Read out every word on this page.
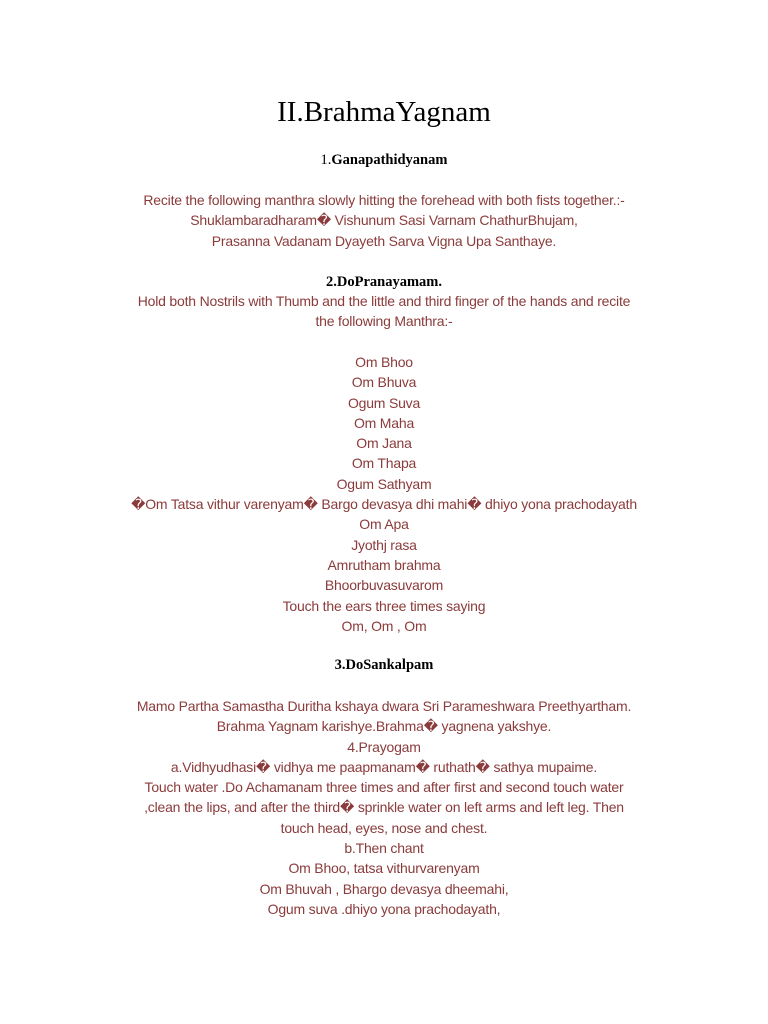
II.BrahmaYagnam
1.Ganapathidyanam
Recite the following manthra slowly hitting the forehead with both fists together.:-
Shuklambaradharam� Vishunum Sasi Varnam ChathurBhujam,
Prasanna Vadanam Dyayeth Sarva Vigna Upa Santhaye.
2.DoPranayamam.
Hold both Nostrils with Thumb and the little and third finger of the hands and recite
the following Manthra:-
Om Bhoo
Om Bhuva
Ogum Suva
Om Maha
Om Jana
Om Thapa
Ogum Sathyam
�Om Tatsa vithur varenyam� Bargo devasya dhi mahi� dhiyo yona prachodayath
Om Apa
Jyothj rasa
Amrutham brahma
Bhoorbuvasuvarom
Touch the ears three times saying
Om, Om , Om
3.DoSankalpam
Mamo Partha Samastha Duritha kshaya dwara Sri Parameshwara Preethyartham.
Brahma Yagnam karishye.Brahma� yagnena yakshye.
4.Prayogam
a.Vidhyudhasi� vidhya me paapmanam� ruthath� sathya mupaime.
Touch water .Do Achamanam three times and after first and second touch water
,clean the lips, and after the third� sprinkle water on left arms and left leg. Then
touch head, eyes, nose and chest.
b.Then chant
Om Bhoo, tatsa vithurvarenyam
Om Bhuvah , Bhargo devasya dheemahi,
Ogum suva .dhiyo yona prachodayath,
